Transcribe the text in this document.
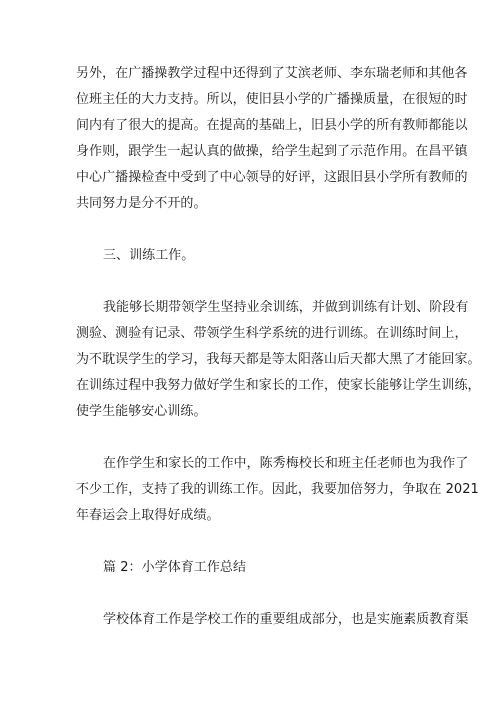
另外，在广播操教学过程中还得到了艾滨老师、李东瑞老师和其他各
位班主任的大力支持。所以，使旧县小学的广播操质量，在很短的时
间内有了很大的提高。在提高的基础上，旧县小学的所有教师都能以
身作则，跟学生一起认真的做操，给学生起到了示范作用。在昌平镇
中心广播操检查中受到了中心领导的好评，这跟旧县小学所有教师的
共同努力是分不开的。
三、训练工作。
我能够长期带领学生坚持业余训练，并做到训练有计划、阶段有
测验、测验有记录、带领学生科学系统的进行训练。在训练时间上，
为不耽误学生的学习，我每天都是等太阳落山后天都大黑了才能回家。
在训练过程中我努力做好学生和家长的工作，使家长能够让学生训练，
使学生能够安心训练。
在作学生和家长的工作中，陈秀梅校长和班主任老师也为我作了
不少工作，支持了我的训练工作。因此，我要加倍努力，争取在 2021
年春运会上取得好成绩。
篇 2：小学体育工作总结
学校体育工作是学校工作的重要组成部分，也是实施素质教育渠
